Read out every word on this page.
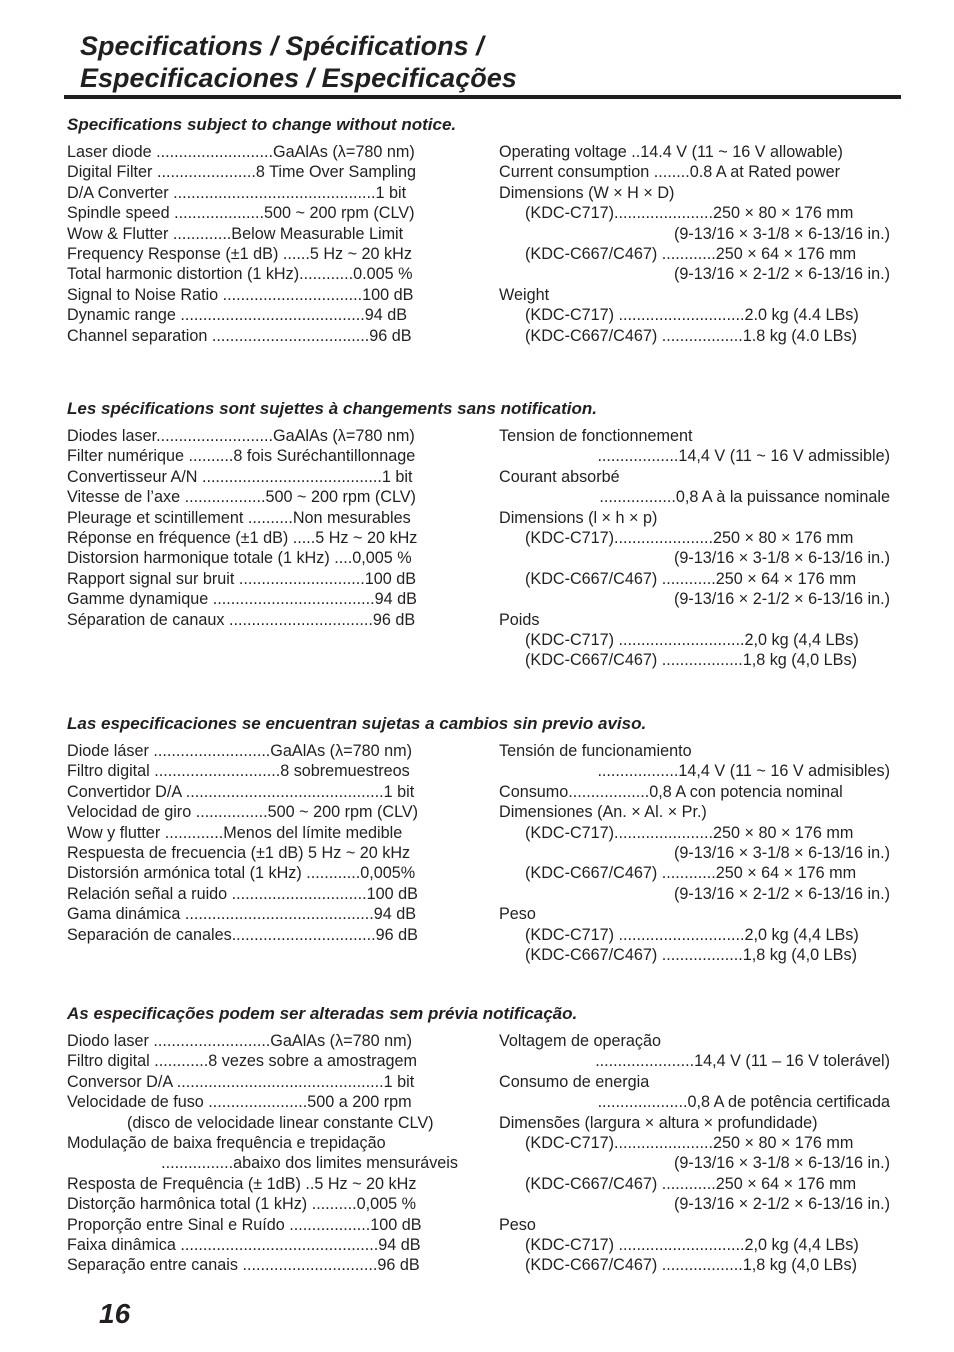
Specifications / Spécifications /
Especificaciones / Especificações
Specifications subject to change without notice.
Laser diode ..........................GaAlAs (λ=780 nm)
Digital Filter ......................8 Time Over Sampling
D/A Converter .............................................1 bit
Spindle speed ....................500 ~ 200 rpm (CLV)
Wow & Flutter .............Below Measurable Limit
Frequency Response (±1 dB) ......5 Hz ~ 20 kHz
Total harmonic distortion (1 kHz)............0.005 %
Signal to Noise Ratio ...............................100 dB
Dynamic range .........................................94 dB
Channel separation ...................................96 dB
Operating voltage ..14.4 V (11 ~ 16 V allowable)
Current consumption ........0.8 A at Rated power
Dimensions (W × H × D)
(KDC-C717)......................250 × 80 × 176 mm
(9-13/16 × 3-1/8 × 6-13/16 in.)
(KDC-C667/C467) ............250 × 64 × 176 mm
(9-13/16 × 2-1/2 × 6-13/16 in.)
Weight
(KDC-C717) ............................2.0 kg (4.4 LBs)
(KDC-C667/C467) ..................1.8 kg (4.0 LBs)
Les spécifications sont sujettes à changements sans notification.
Diodes laser..........................GaAlAs (λ=780 nm)
Filter numérique ..........8 fois Suréchantillonnage
Convertisseur A/N ........................................1 bit
Vitesse de l’axe ..................500 ~ 200 rpm (CLV)
Pleurage et scintillement ..........Non mesurables
Réponse en fréquence (±1 dB) .....5 Hz ~ 20 kHz
Distorsion harmonique totale (1 kHz) ....0,005 %
Rapport signal sur bruit ............................100 dB
Gamme dynamique ....................................94 dB
Séparation de canaux ................................96 dB
Tension de fonctionnement
..................14,4 V (11 ~ 16 V admissible)
Courant absorbé
.................0,8 A à la puissance nominale
Dimensions (l × h × p)
(KDC-C717)......................250 × 80 × 176 mm
(9-13/16 × 3-1/8 × 6-13/16 in.)
(KDC-C667/C467) ............250 × 64 × 176 mm
(9-13/16 × 2-1/2 × 6-13/16 in.)
Poids
(KDC-C717) ............................2,0 kg (4,4 LBs)
(KDC-C667/C467) ..................1,8 kg (4,0 LBs)
Las especificaciones se encuentran sujetas a cambios sin previo aviso.
Diode láser ..........................GaAlAs (λ=780 nm)
Filtro digital ............................8 sobremuestreos
Convertidor D/A ............................................1 bit
Velocidad de giro ................500 ~ 200 rpm (CLV)
Wow y flutter .............Menos del límite medible
Respuesta de frecuencia (±1 dB) 5 Hz ~ 20 kHz
Distorsión armónica total (1 kHz) ............0,005%
Relación señal a ruido ..............................100 dB
Gama dinámica ..........................................94 dB
Separación de canales................................96 dB
Tensión de funcionamiento
..................14,4 V (11 ~ 16 V admisibles)
Consumo..................0,8 A con potencia nominal
Dimensiones (An. × Al. × Pr.)
(KDC-C717)......................250 × 80 × 176 mm
(9-13/16 × 3-1/8 × 6-13/16 in.)
(KDC-C667/C467) ............250 × 64 × 176 mm
(9-13/16 × 2-1/2 × 6-13/16 in.)
Peso
(KDC-C717) ............................2,0 kg (4,4 LBs)
(KDC-C667/C467) ..................1,8 kg (4,0 LBs)
As especificações podem ser alteradas sem prévia notificação.
Diodo laser ..........................GaAlAs (λ=780 nm)
Filtro digital ............8 vezes sobre a amostragem
Conversor D/A ..............................................1 bit
Velocidade de fuso ......................500 a 200 rpm
(disco de velocidade linear constante CLV)
Modulação de baixa frequência e trepidação
................abaixo dos limites mensuráveis
Resposta de Frequência (± 1dB) ..5 Hz ~ 20 kHz
Distorção harmônica total (1 kHz) ..........0,005 %
Proporção entre Sinal e Ruído ..................100 dB
Faixa dinâmica ............................................94 dB
Separação entre canais ..............................96 dB
Voltagem de operação
......................14,4 V (11 – 16 V tolerável)
Consumo de energia
....................0,8 A de potência certificada
Dimensões (largura × altura × profundidade)
(KDC-C717)......................250 × 80 × 176 mm
(9-13/16 × 3-1/8 × 6-13/16 in.)
(KDC-C667/C467) ............250 × 64 × 176 mm
(9-13/16 × 2-1/2 × 6-13/16 in.)
Peso
(KDC-C717) ............................2,0 kg (4,4 LBs)
(KDC-C667/C467) ..................1,8 kg (4,0 LBs)
16
